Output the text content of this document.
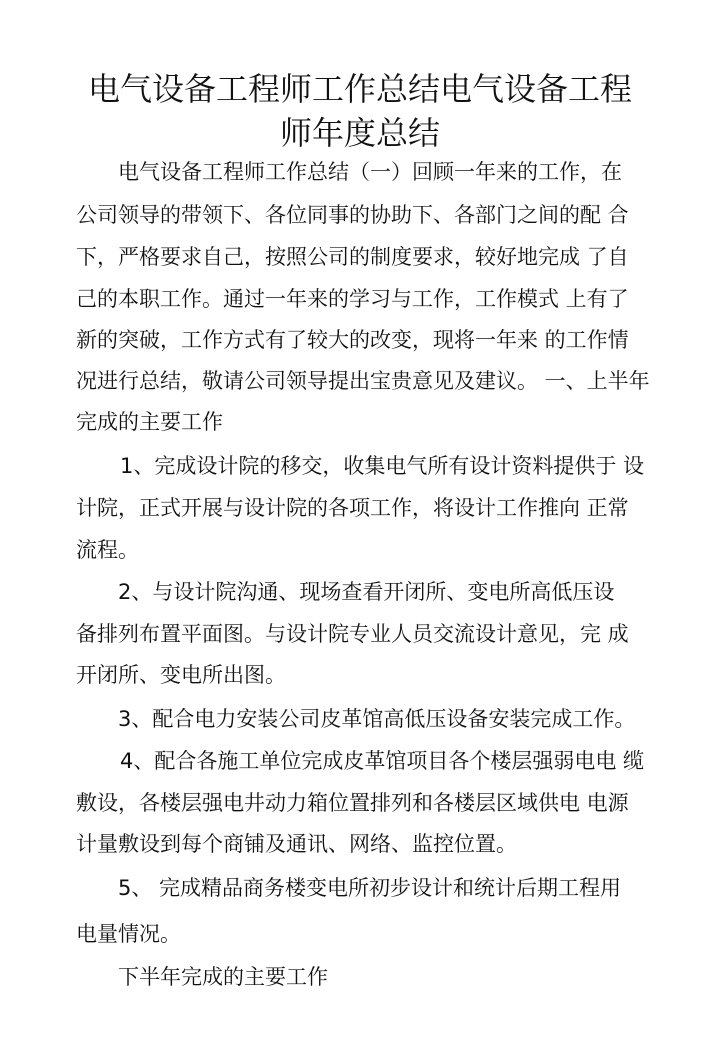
电气设备工程师工作总结电气设备工程
师年度总结
电气设备工程师工作总结（一）回顾一年来的工作，在
公司领导的带领下、各位同事的协助下、各部门之间的配 合
下，严格要求自己，按照公司的制度要求，较好地完成 了自
己的本职工作。通过一年来的学习与工作，工作模式 上有了
新的突破，工作方式有了较大的改变，现将一年来 的工作情
况进行总结，敬请公司领导提出宝贵意见及建议。 一、上半年
完成的主要工作
1、完成设计院的移交，收集电气所有设计资料提供于 设
计院，正式开展与设计院的各项工作，将设计工作推向 正常
流程。
2、与设计院沟通、现场查看开闭所、变电所高低压设
备排列布置平面图。与设计院专业人员交流设计意见，完 成
开闭所、变电所出图。
3、配合电力安装公司皮革馆高低压设备安装完成工作。
4、配合各施工单位完成皮革馆项目各个楼层强弱电电 缆
敷设，各楼层强电井动力箱位置排列和各楼层区域供电 电源
计量敷设到每个商铺及通讯、网络、监控位置。
5、 完成精品商务楼变电所初步设计和统计后期工程用
电量情况。
下半年完成的主要工作
